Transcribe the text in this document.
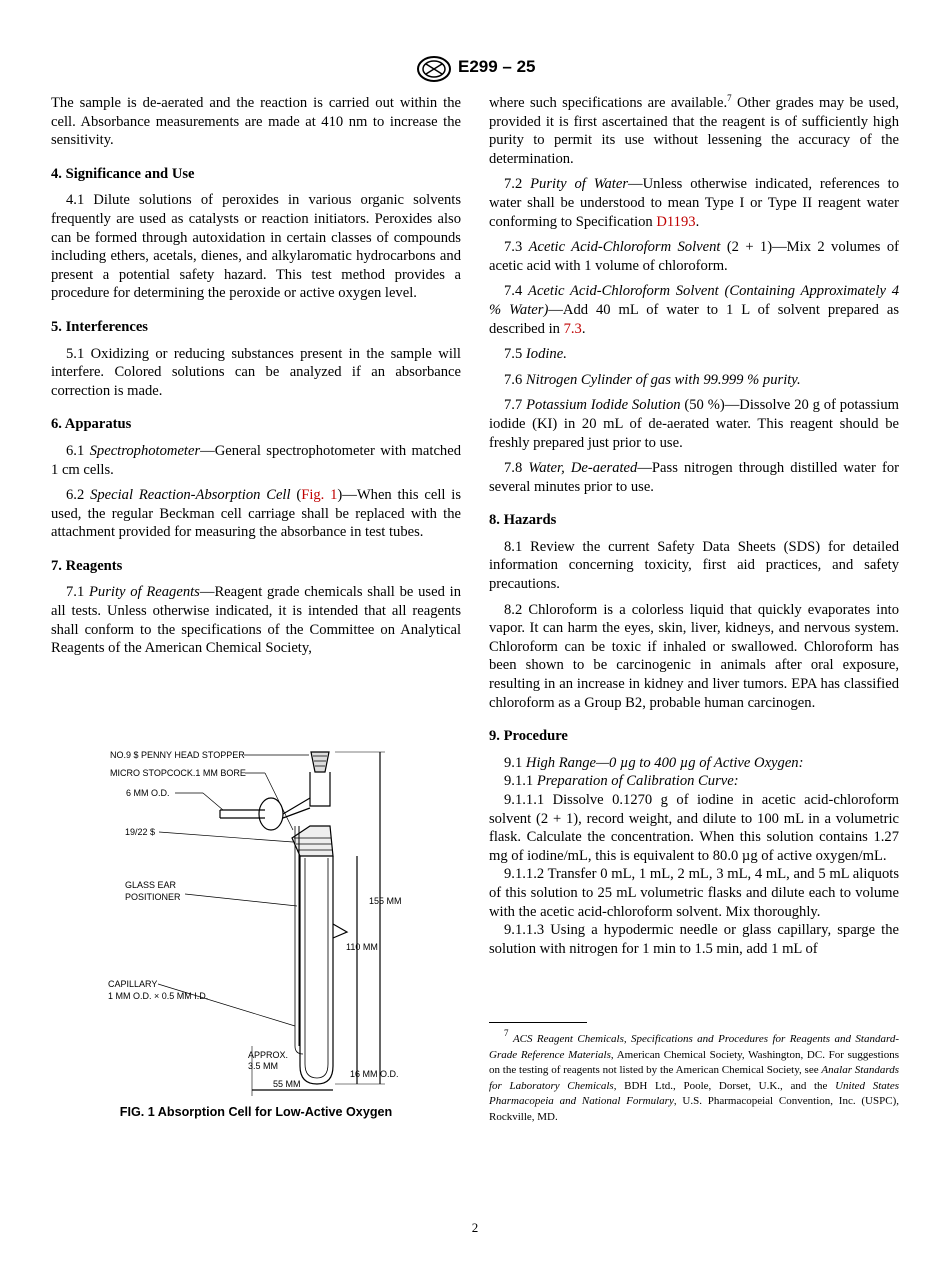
E299 – 25

The sample is de-aerated and the reaction is carried out within the cell. Absorbance measurements are made at 410 nm to increase the sensitivity.

4. Significance and Use

4.1 Dilute solutions of peroxides in various organic solvents frequently are used as catalysts or reaction initiators. Peroxides also can be formed through autoxidation in certain classes of compounds including ethers, acetals, dienes, and alkylaromatic hydrocarbons and present a potential safety hazard. This test method provides a procedure for determining the peroxide or active oxygen level.

5. Interferences

5.1 Oxidizing or reducing substances present in the sample will interfere. Colored solutions can be analyzed if an absorbance correction is made.

6. Apparatus

6.1 Spectrophotometer—General spectrophotometer with matched 1 cm cells.

6.2 Special Reaction-Absorption Cell (Fig. 1)—When this cell is used, the regular Beckman cell carriage shall be replaced with the attachment provided for measuring the absorbance in test tubes.

7. Reagents

7.1 Purity of Reagents—Reagent grade chemicals shall be used in all tests. Unless otherwise indicated, it is intended that all reagents shall conform to the specifications of the Committee on Analytical Reagents of the American Chemical Society,

NO.9 $ PENNY HEAD STOPPER
MICRO STOPCOCK.1 MM BORE
6 MM O.D.
19/22 $
GLASS EAR
POSITIONER
CAPILLARY
1 MM O.D. × 0.5 MM I.D.
APPROX.
3.5 MM
155 MM
110 MM
16 MM O.D.
55 MM
FIG. 1 Absorption Cell for Low-Active Oxygen

where such specifications are available.$^7$ Other grades may be used, provided it is first ascertained that the reagent is of sufficiently high purity to permit its use without lessening the accuracy of the determination.

7.2 Purity of Water—Unless otherwise indicated, references to water shall be understood to mean Type I or Type II reagent water conforming to Specification D1193.

7.3 Acetic Acid-Chloroform Solvent (2 + 1)—Mix 2 volumes of acetic acid with 1 volume of chloroform.

7.4 Acetic Acid-Chloroform Solvent (Containing Approximately 4 % Water)—Add 40 mL of water to 1 L of solvent prepared as described in 7.3.

7.5 Iodine.

7.6 Nitrogen Cylinder of gas with 99.999 % purity.

7.7 Potassium Iodide Solution (50 %)—Dissolve 20 g of potassium iodide (KI) in 20 mL of de-aerated water. This reagent should be freshly prepared just prior to use.

7.8 Water, De-aerated—Pass nitrogen through distilled water for several minutes prior to use.

8. Hazards

8.1 Review the current Safety Data Sheets (SDS) for detailed information concerning toxicity, first aid practices, and safety precautions.

8.2 Chloroform is a colorless liquid that quickly evaporates into vapor. It can harm the eyes, skin, liver, kidneys, and nervous system. Chloroform can be toxic if inhaled or swallowed. Chloroform has been shown to be carcinogenic in animals after oral exposure, resulting in an increase in kidney and liver tumors. EPA has classified chloroform as a Group B2, probable human carcinogen.

9. Procedure

9.1 High Range—0 µg to 400 µg of Active Oxygen:

9.1.1 Preparation of Calibration Curve:

9.1.1.1 Dissolve 0.1270 g of iodine in acetic acid-chloroform solvent (2 + 1), record weight, and dilute to 100 mL in a volumetric flask. Calculate the concentration. When this solution contains 1.27 mg of iodine/mL, this is equivalent to 80.0 µg of active oxygen/mL.

9.1.1.2 Transfer 0 mL, 1 mL, 2 mL, 3 mL, 4 mL, and 5 mL aliquots of this solution to 25 mL volumetric flasks and dilute each to volume with the acetic acid-chloroform solvent. Mix thoroughly.

9.1.1.3 Using a hypodermic needle or glass capillary, sparge the solution with nitrogen for 1 min to 1.5 min, add 1 mL of

$^7$ ACS Reagent Chemicals, Specifications and Procedures for Reagents and Standard-Grade Reference Materials, American Chemical Society, Washington, DC. For suggestions on the testing of reagents not listed by the American Chemical Society, see Analar Standards for Laboratory Chemicals, BDH Ltd., Poole, Dorset, U.K., and the United States Pharmacopeia and National Formulary, U.S. Pharmacopeial Convention, Inc. (USPC), Rockville, MD.
2
